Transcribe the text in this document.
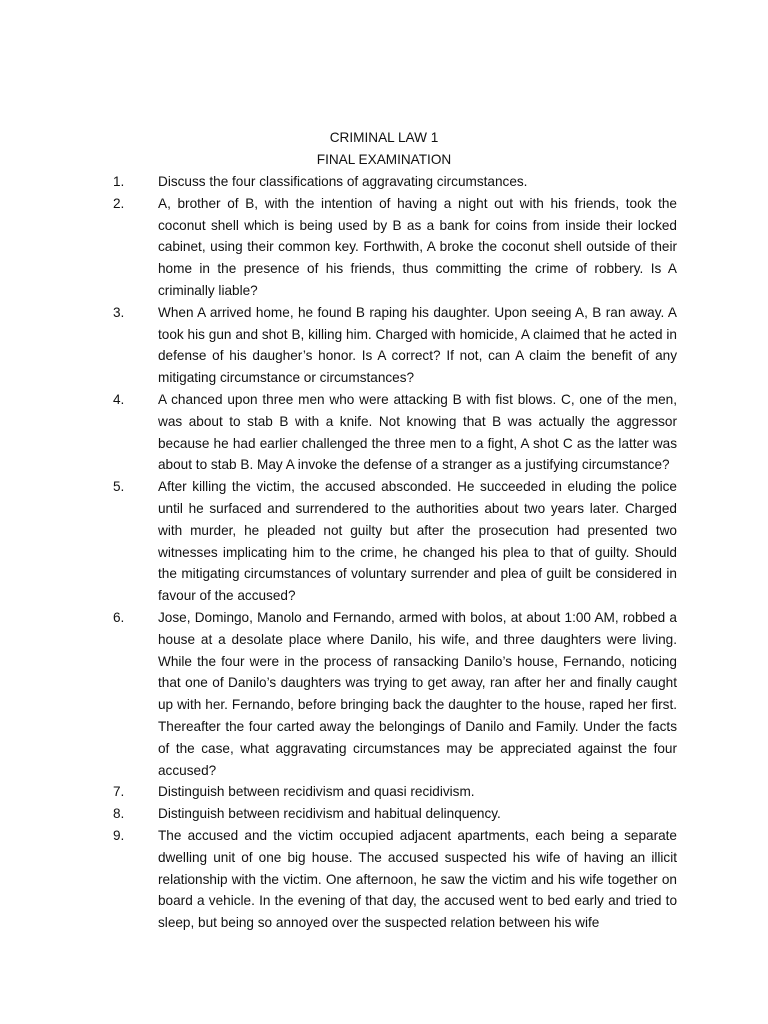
CRIMINAL LAW 1
FINAL EXAMINATION
1. Discuss the four classifications of aggravating circumstances.
2. A, brother of B, with the intention of having a night out with his friends, took the coconut shell which is being used by B as a bank for coins from inside their locked cabinet, using their common key. Forthwith, A broke the coconut shell outside of their home in the presence of his friends, thus committing the crime of robbery. Is A criminally liable?
3. When A arrived home, he found B raping his daughter. Upon seeing A, B ran away. A took his gun and shot B, killing him. Charged with homicide, A claimed that he acted in defense of his daugher’s honor. Is A correct? If not, can A claim the benefit of any mitigating circumstance or circumstances?
4. A chanced upon three men who were attacking B with fist blows. C, one of the men, was about to stab B with a knife. Not knowing that B was actually the aggressor because he had earlier challenged the three men to a fight, A shot C as the latter was about to stab B. May A invoke the defense of a stranger as a justifying circumstance?
5. After killing the victim, the accused absconded. He succeeded in eluding the police until he surfaced and surrendered to the authorities about two years later. Charged with murder, he pleaded not guilty but after the prosecution had presented two witnesses implicating him to the crime, he changed his plea to that of guilty. Should the mitigating circumstances of voluntary surrender and plea of guilt be considered in favour of the accused?
6. Jose, Domingo, Manolo and Fernando, armed with bolos, at about 1:00 AM, robbed a house at a desolate place where Danilo, his wife, and three daughters were living. While the four were in the process of ransacking Danilo’s house, Fernando, noticing that one of Danilo’s daughters was trying to get away, ran after her and finally caught up with her. Fernando, before bringing back the daughter to the house, raped her first. Thereafter the four carted away the belongings of Danilo and Family. Under the facts of the case, what aggravating circumstances may be appreciated against the four accused?
7. Distinguish between recidivism and quasi recidivism.
8. Distinguish between recidivism and habitual delinquency.
9. The accused and the victim occupied adjacent apartments, each being a separate dwelling unit of one big house. The accused suspected his wife of having an illicit relationship with the victim. One afternoon, he saw the victim and his wife together on board a vehicle. In the evening of that day, the accused went to bed early and tried to sleep, but being so annoyed over the suspected relation between his wife
